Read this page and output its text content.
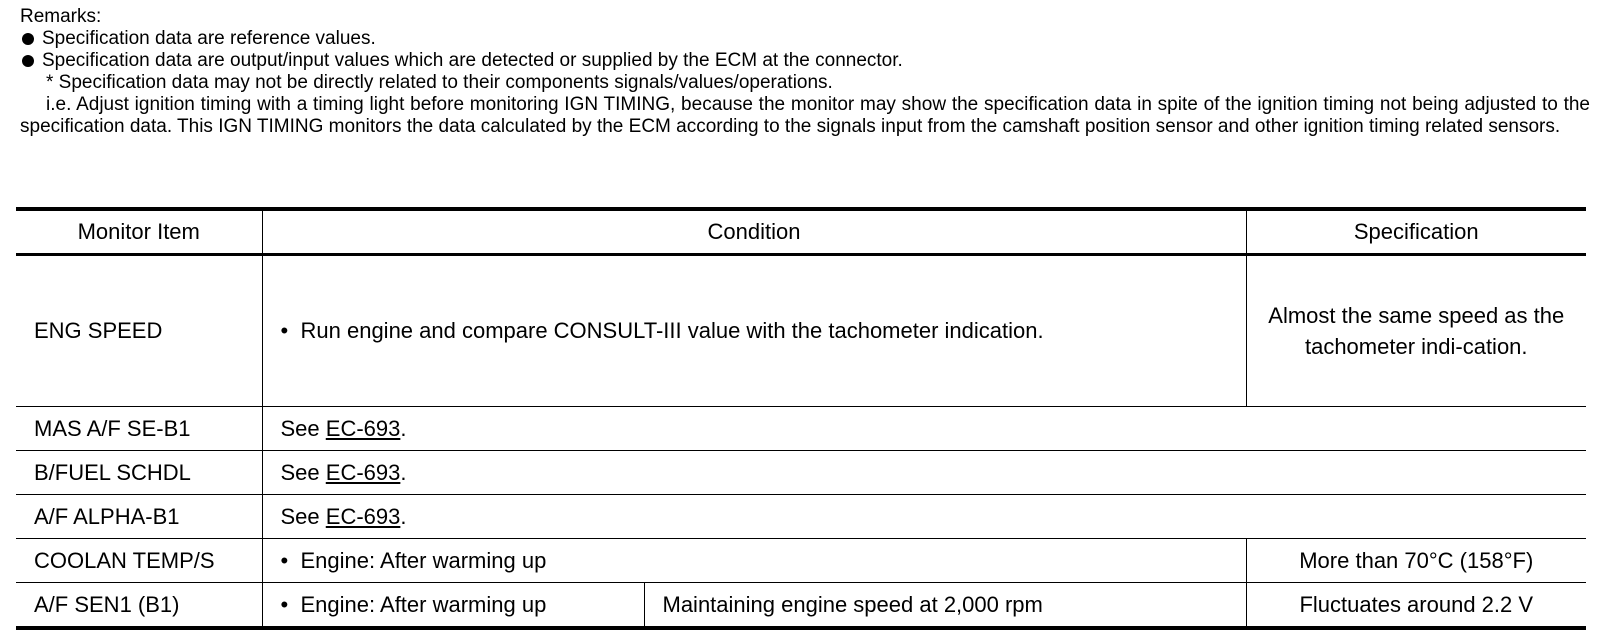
Remarks:
Specification data are reference values.
Specification data are output/input values which are detected or supplied by the ECM at the connector.
* Specification data may not be directly related to their components signals/values/operations.
i.e. Adjust ignition timing with a timing light before monitoring IGN TIMING, because the monitor may show the specification data in spite of the ignition timing not being adjusted to the specification data. This IGN TIMING monitors the data calculated by the ECM according to the signals input from the camshaft position sensor and other ignition timing related sensors.
Monitor Item	Condition		Specification
ENG SPEED	• Run engine and compare CONSULT-III value with the tachometer indication.		Almost the same speed as the tachometer indi-cation.
MAS A/F SE-B1	See EC-693.		
B/FUEL SCHDL	See EC-693.		
A/F ALPHA-B1	See EC-693.		
COOLAN TEMP/S	• Engine: After warming up		More than 70°C (158°F)
A/F SEN1 (B1)	• Engine: After warming up	Maintaining engine speed at 2,000 rpm	Fluctuates around 2.2 V
